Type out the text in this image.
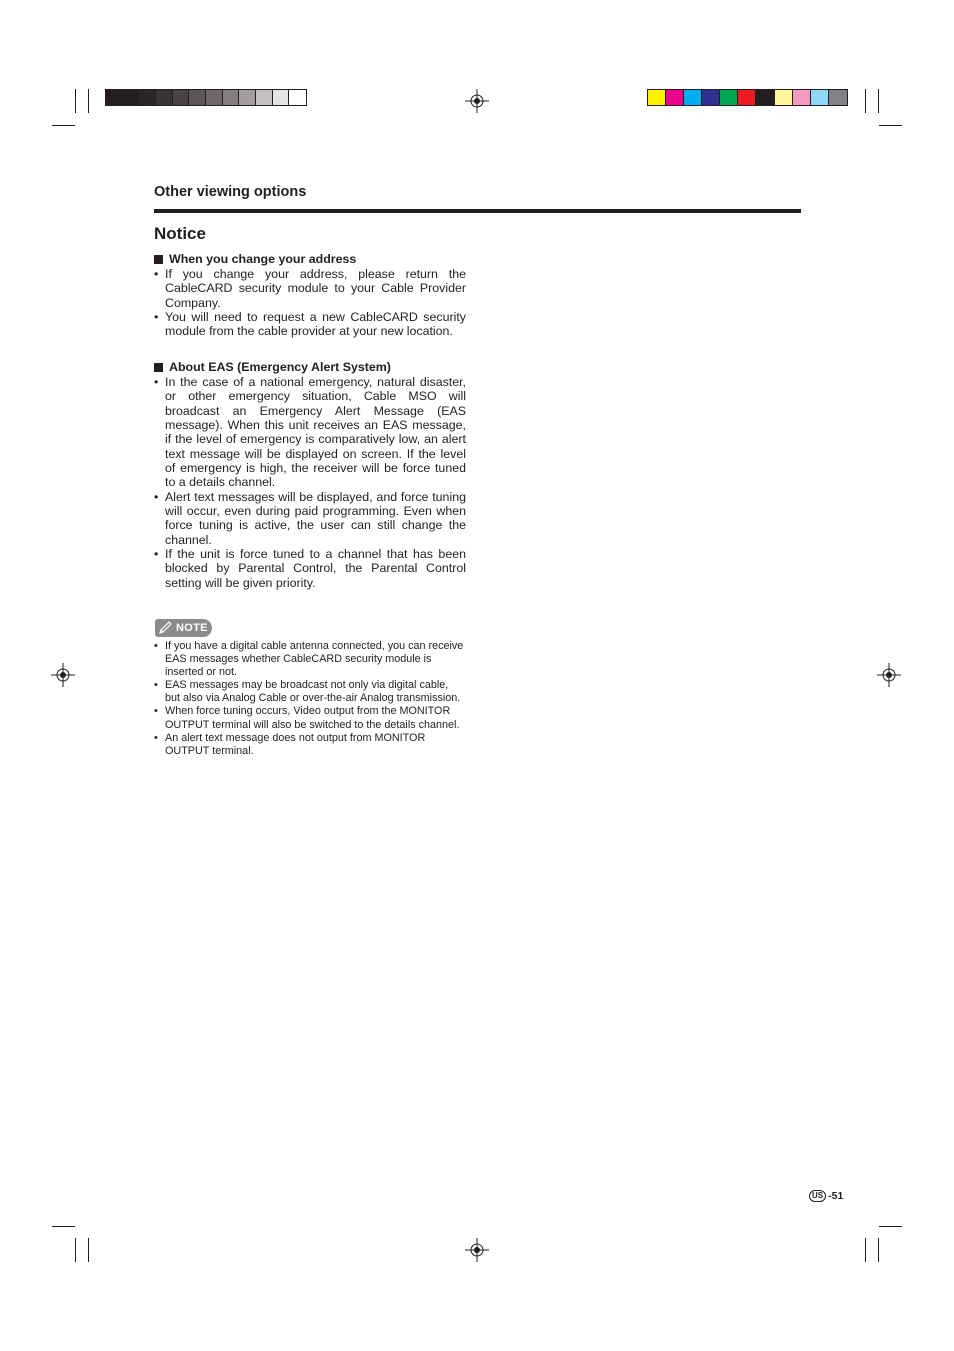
Other viewing options
Notice
When you change your address
• If you change your address, please return the CableCARD security module to your Cable Provider Company.
• You will need to request a new CableCARD security module from the cable provider at your new location.
About EAS (Emergency Alert System)
• In the case of a national emergency, natural disaster, or other emergency situation, Cable MSO will broadcast an Emergency Alert Message (EAS message). When this unit receives an EAS message, if the level of emergency is comparatively low, an alert text message will be displayed on screen. If the level of emergency is high, the receiver will be force tuned to a details channel.
• Alert text messages will be displayed, and force tuning will occur, even during paid programming. Even when force tuning is active, the user can still change the channel.
• If the unit is force tuned to a channel that has been blocked by Parental Control, the Parental Control setting will be given priority.
NOTE
• If you have a digital cable antenna connected, you can receive EAS messages whether CableCARD security module is inserted or not.
• EAS messages may be broadcast not only via digital cable, but also via Analog Cable or over-the-air Analog transmission.
• When force tuning occurs, Video output from the MONITOR OUTPUT terminal will also be switched to the details channel.
• An alert text message does not output from MONITOR OUTPUT terminal.
US -51
